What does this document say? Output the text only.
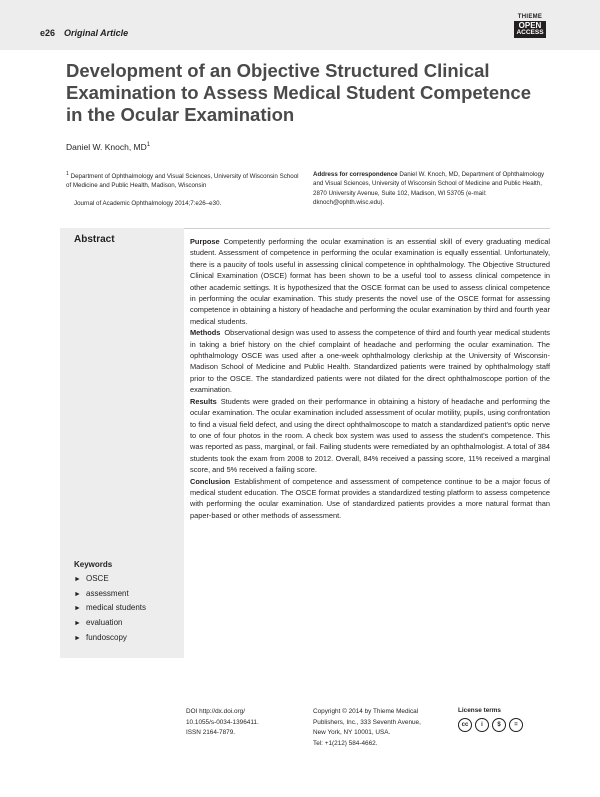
e26 Original Article
THIEME
OPEN
ACCESS
Development of an Objective Structured Clinical Examination to Assess Medical Student Competence in the Ocular Examination
Daniel W. Knoch, $MD^1$
$^1$ Department of Ophthalmology and Visual Sciences, University of Wisconsin School of Medicine and Public Health, Madison, Wisconsin
Journal of Academic Ophthalmology 2014;7:e26–e30.
Address for correspondence Daniel W. Knoch, MD, Department of Ophthalmology and Visual Sciences, University of Wisconsin School of Medicine and Public Health, 2870 University Avenue, Suite 102, Madison, WI 53705 (e-mail: dknoch@ophth.wisc.edu).
Abstract	Purpose Competently performing the ocular examination is an essential skill of every graduating medical student. Assessment of competence in performing the ocular examination is equally essential. Unfortunately, there is a paucity of tools useful in assessing clinical competence in ophthalmology. The Objective Structured Clinical Examination (OSCE) format has been shown to be a useful tool to assess clinical competence in other academic settings. It is hypothesized that the OSCE format can be used to assess clinical competence in performing the ocular examination. This study presents the novel use of the OSCE format for assessing competence in obtaining a history of headache and performing the ocular examination by third and fourth year medical students.

Methods Observational design was used to assess the competence of third and fourth year medical students in taking a brief history on the chief complaint of headache and performing the ocular examination. The ophthalmology OSCE was used after a one-week ophthalmology clerkship at the University of Wisconsin-Madison School of Medicine and Public Health. Standardized patients were trained by ophthalmology staff prior to the OSCE. The standardized patients were not dilated for the direct ophthalmoscope portion of the examination.

Results Students were graded on their performance in obtaining a history of headache and performing the ocular examination. The ocular examination included assessment of ocular motility, pupils, using confrontation to find a visual field defect, and using the direct ophthalmoscope to match a standardized patient's optic nerve to one of four photos in the room. A check box system was used to assess the student's competence. This was reported as pass, marginal, or fail. Failing students were remediated by an ophthalmologist. A total of 384 students took the exam from 2008 to 2012. Overall, 84% received a passing score, 11% received a marginal score, and 5% received a failing score.

Conclusion Establishment of competence and assessment of competence continue to be a major focus of medical student education. The OSCE format provides a standardized testing platform to assess competence with performing the ocular examination. Use of standardized patients provides a more natural format than paper-based or other methods of assessment.

Keywords
► OSCE
► assessment
► medical students
► evaluation
► fundoscopy
DOI http://dx.doi.org/
10.1055/s-0034-1396411.
ISSN 2164-7879.
Copyright © 2014 by Thieme Medical
Publishers, Inc., 333 Seventh Avenue,
New York, NY 10001, USA.
Tel: +1(212) 584-4662.
License terms
cc	i	$	=
